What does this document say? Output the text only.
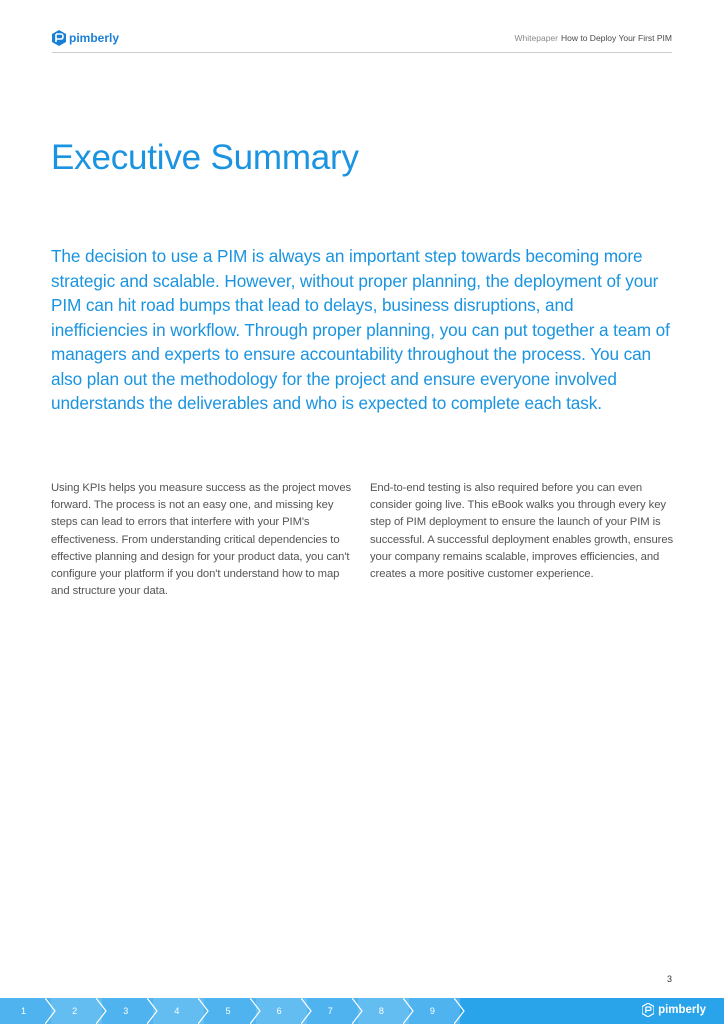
pimberly	Whitepaper How to Deploy Your First PIM
Executive Summary

The decision to use a PIM is always an important step towards becoming more strategic and scalable. However, without proper planning, the deployment of your PIM can hit road bumps that lead to delays, business disruptions, and inefficiencies in workflow. Through proper planning, you can put together a team of managers and experts to ensure accountability throughout the process. You can also plan out the methodology for the project and ensure everyone involved understands the deliverables and who is expected to complete each task.

Using KPIs helps you measure success as the project moves forward. The process is not an easy one, and missing key steps can lead to errors that interfere with your PIM's effectiveness. From understanding critical dependencies to effective planning and design for your product data, you can't configure your platform if you don't understand how to map and structure your data.

End-to-end testing is also required before you can even consider going live. This eBook walks you through every key step of PIM deployment to ensure the launch of your PIM is successful. A successful deployment enables growth, ensures your company remains scalable, improves efficiencies, and creates a more positive customer experience.

3
1	2	3	4	5	6	7	8	9	pimberly
